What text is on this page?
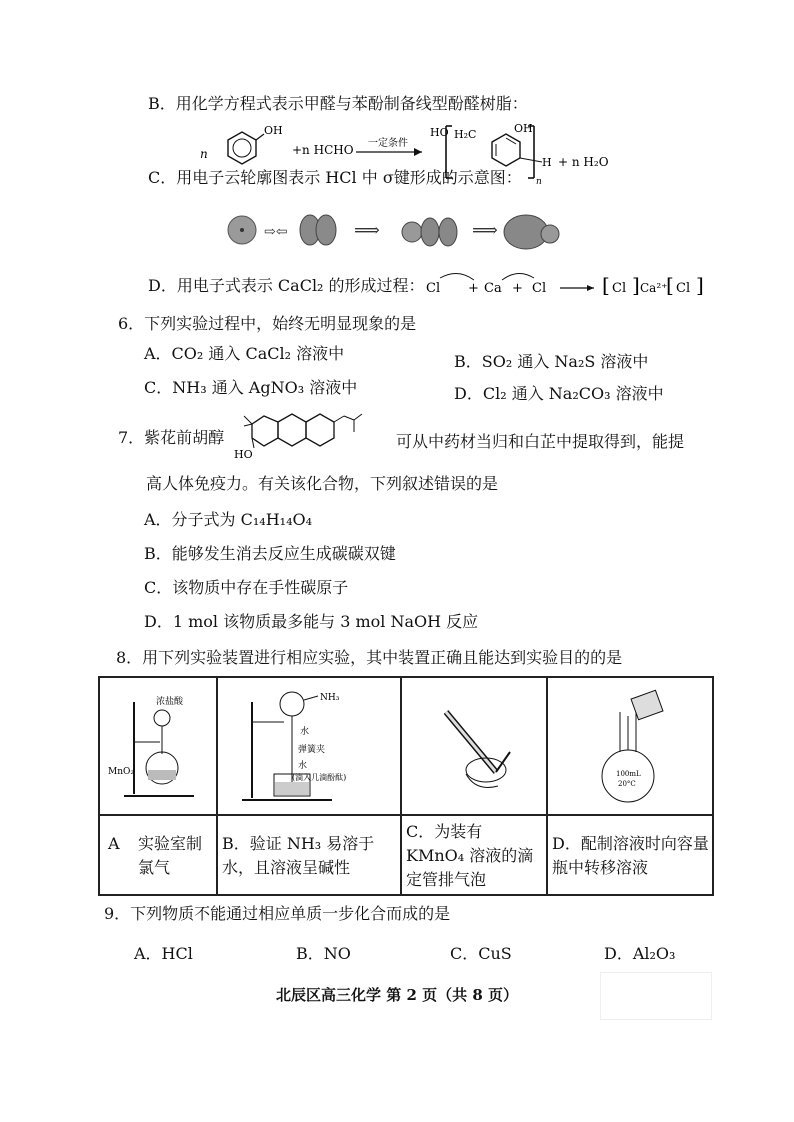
B．用化学方程式表示甲醛与苯酚制备线型酚醛树脂：
n
OH
+n HCHO 一定条件
HO H₂C	OH
H
n
+ n H₂O
C．用电子云轮廓图表示 HCl 中 σ键形成的示意图：
⇨⇦	⟹	⟹
D．用电子式表示 CaCl₂ 的形成过程： Cl + Ca + Cl	[ Cl ] Ca²⁺
[ Cl ]
6．下列实验过程中，始终无明显现象的是
A．CO₂ 通入 CaCl₂ 溶液中	B．SO₂ 通入 Na₂S 溶液中
C．NH₃ 通入 AgNO₃ 溶液中	D．Cl₂ 通入 Na₂CO₃ 溶液中
7．紫花前胡醇
HO
可从中药材当归和白芷中提取得到，能提
高人体免疫力。有关该化合物，下列叙述错误的是
A．分子式为 C₁₄H₁₄O₄
B．能够发生消去反应生成碳碳双键
C．该物质中存在手性碳原子
D．1 mol 该物质最多能与 3 mol NaOH 反应
8．用下列实验装置进行相应实验，其中装置正确且能达到实验目的的是
浓盐酸
MnO₂
NH₃
水
弹簧夹
水
(滴入几滴酚酞)	100mL
20°C
A 实验室制氯气
B．验证 NH₃ 易溶于水，且溶液呈碱性
C．为装有 KMnO₄ 溶液的滴定管排气泡
D．配制溶液时向容量瓶中转移溶液
9．下列物质不能通过相应单质一步化合而成的是
A．HCl	B．NO	C．CuS	D．Al₂O₃
北辰区高三化学 第 2 页（共 8 页）
